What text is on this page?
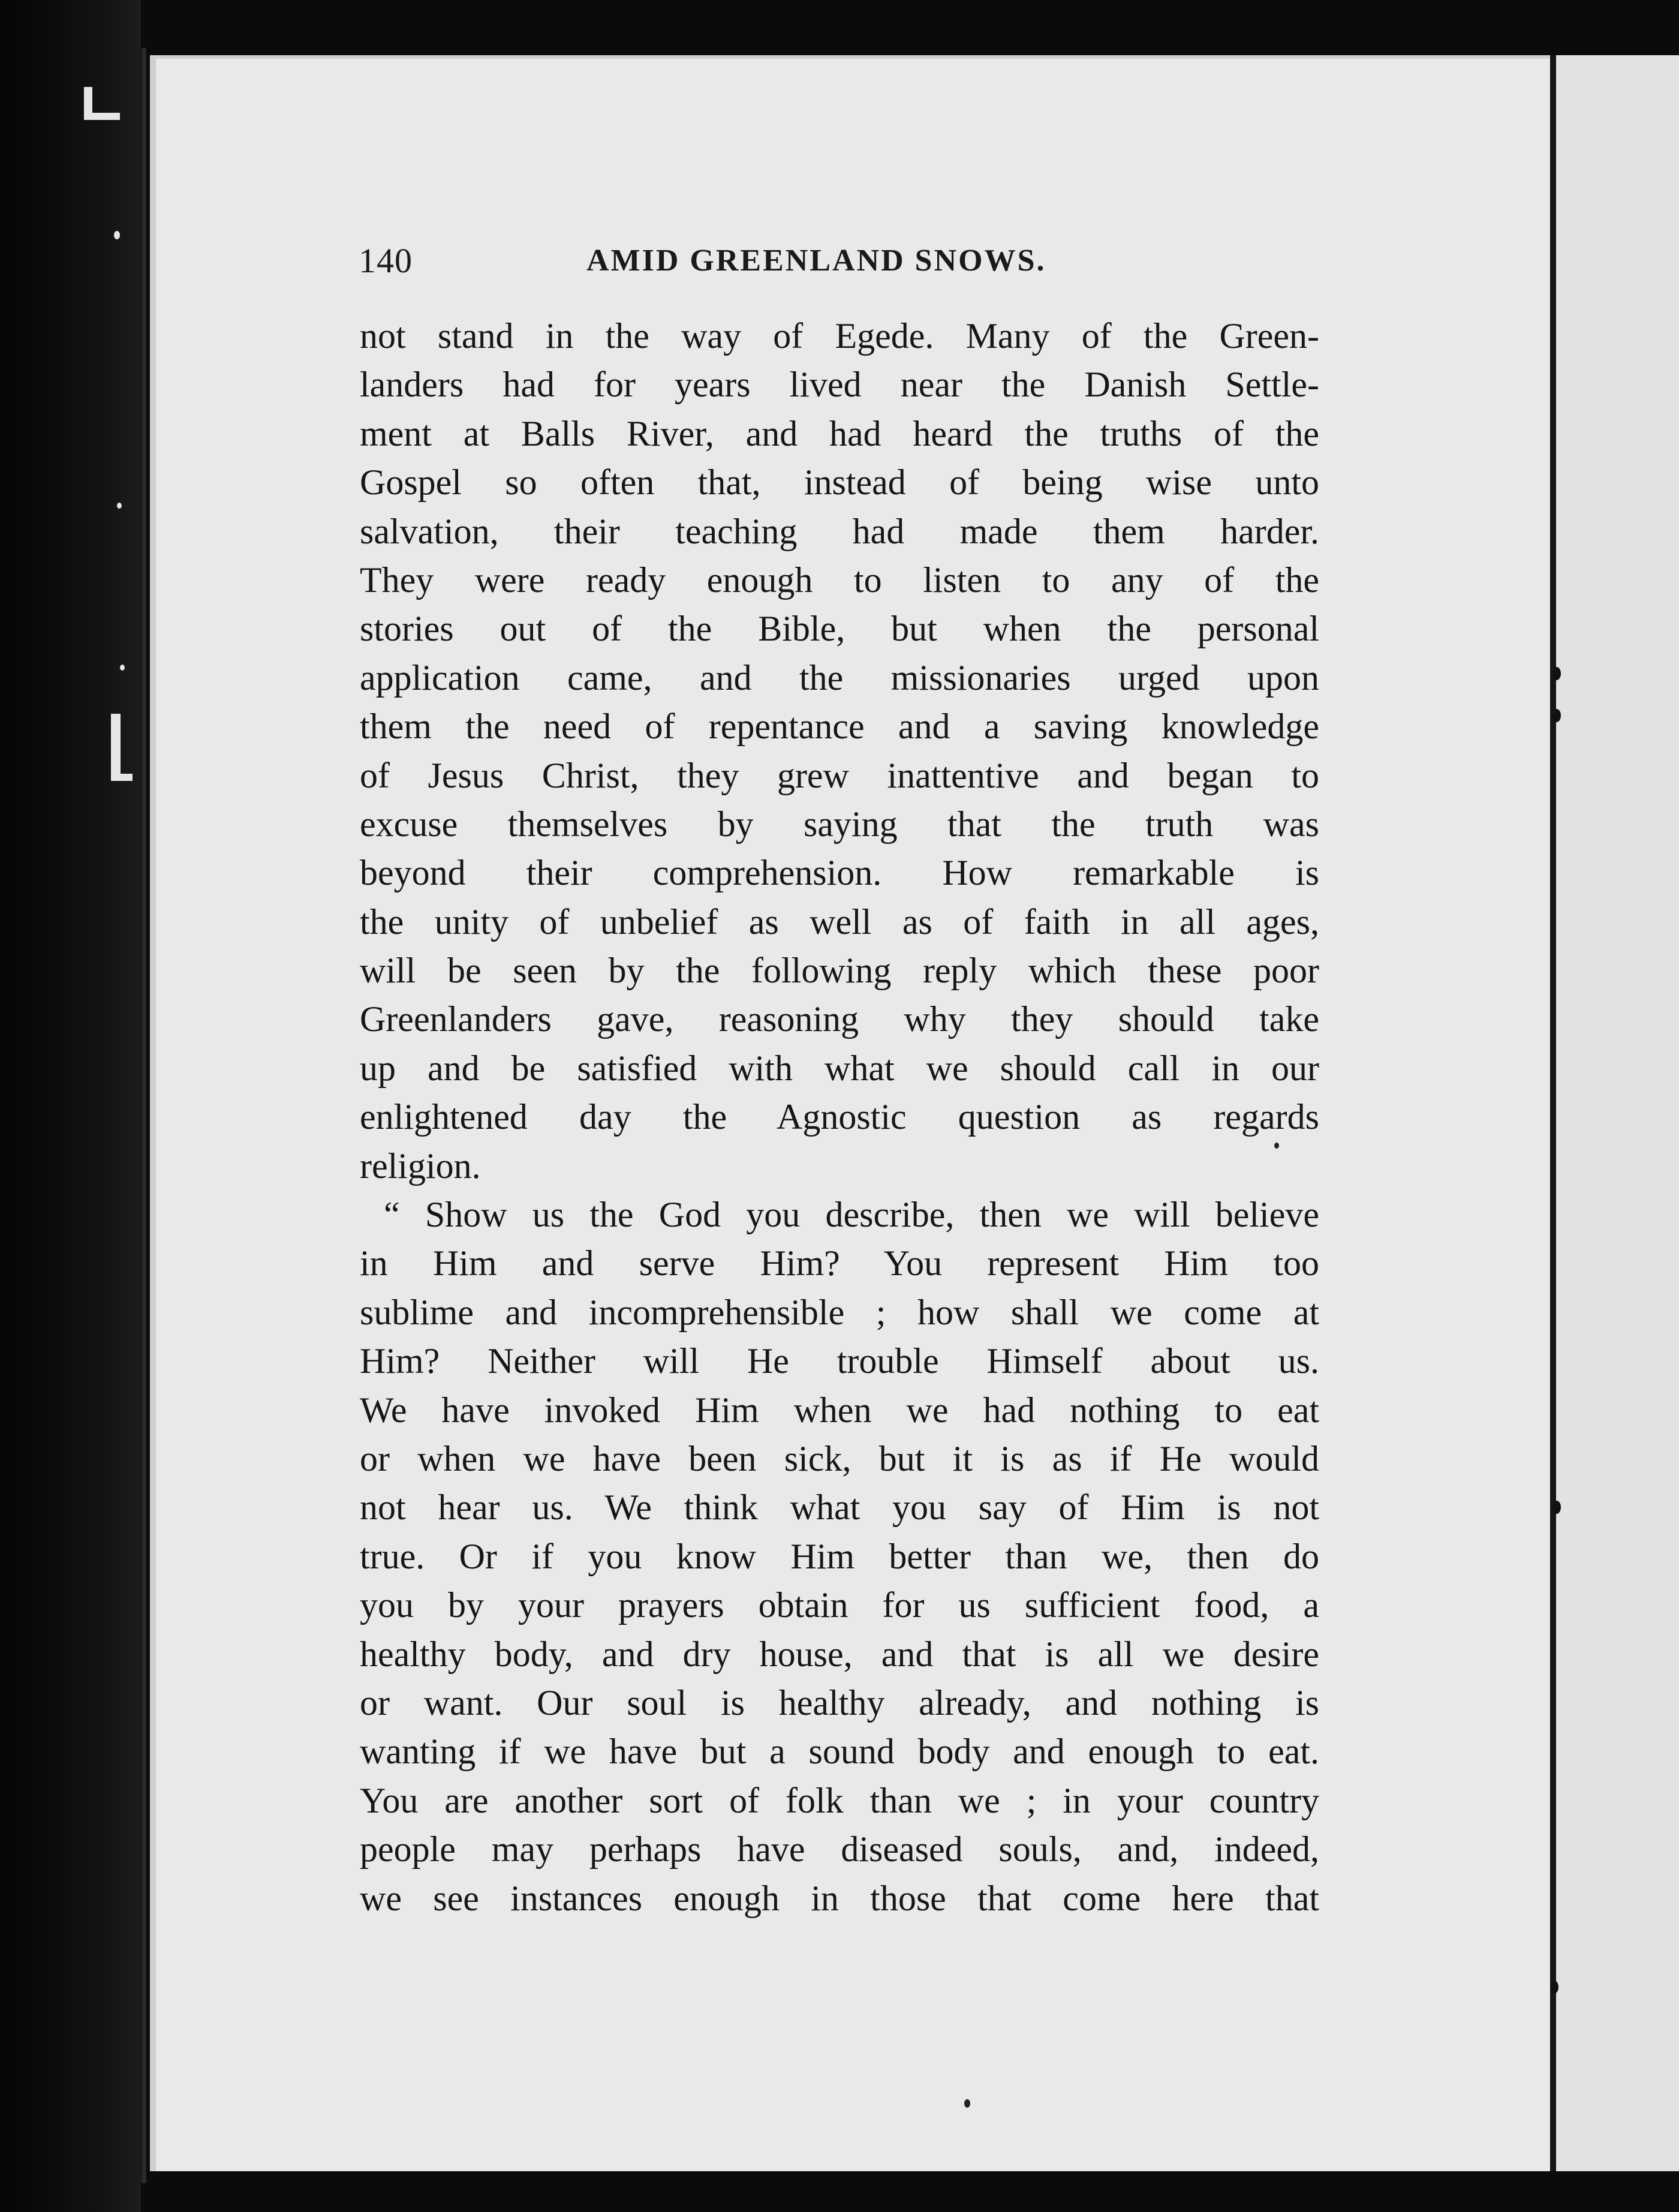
140	AMID GREENLAND SNOWS.
not stand in the way of Egede. Many of the Green-
landers had for years lived near the Danish Settle-
ment at Balls River, and had heard the truths of the
Gospel so often that, instead of being wise unto
salvation, their teaching had made them harder.
They were ready enough to listen to any of the
stories out of the Bible, but when the personal
application came, and the missionaries urged upon
them the need of repentance and a saving knowledge
of Jesus Christ, they grew inattentive and began to
excuse themselves by saying that the truth was
beyond their comprehension. How remarkable is
the unity of unbelief as well as of faith in all ages,
will be seen by the following reply which these poor
Greenlanders gave, reasoning why they should take
up and be satisfied with what we should call in our
enlightened day the Agnostic question as regards
religion.
“ Show us the God you describe, then we will believe
in Him and serve Him? You represent Him too
sublime and incomprehensible ; how shall we come at
Him? Neither will He trouble Himself about us.
We have invoked Him when we had nothing to eat
or when we have been sick, but it is as if He would
not hear us. We think what you say of Him is not
true. Or if you know Him better than we, then do
you by your prayers obtain for us sufficient food, a
healthy body, and dry house, and that is all we desire
or want. Our soul is healthy already, and nothing is
wanting if we have but a sound body and enough to eat.
You are another sort of folk than we ; in your country
people may perhaps have diseased souls, and, indeed,
we see instances enough in those that come here that
